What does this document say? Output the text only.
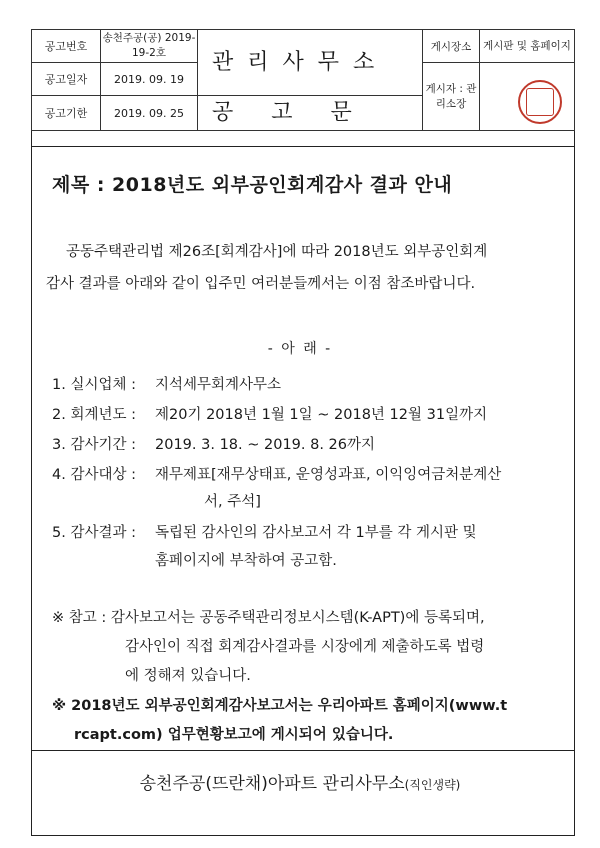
공고번호	송천주공(공) 2019-19-2호	관리사무소	게시장소	게시판 및 홈페이지
공고일자	2019. 09. 19		게시자 : 관리소장	
공고기한	2019. 09. 25	공고문		
제목 : 2018년도 외부공인회계감사 결과 안내
공동주택관리법 제26조[회계감사]에 따라 2018년도 외부공인회계
감사 결과를 아래와 같이 입주민 여러분들께서는 이점 참조바랍니다.
- 아 래 -
1. 실시업체 : 지석세무회계사무소
2. 회계년도 : 제20기 2018년 1월 1일 ~ 2018년 12월 31일까지
3. 감사기간 : 2019. 3. 18. ~ 2019. 8. 26까지
4. 감사대상 : 재무제표[재무상태표, 운영성과표, 이익잉여금처분계산
서, 주석]
5. 감사결과 : 독립된 감사인의 감사보고서 각 1부를 각 게시판 및
홈페이지에 부착하여 공고함.
※ 참고 : 감사보고서는 공동주택관리정보시스템(K-APT)에 등록되며,
감사인이 직접 회계감사결과를 시장에게 제출하도록 법령
에 정해져 있습니다.
※ 2018년도 외부공인회계감사보고서는 우리아파트 홈페이지(www.t
rcapt.com) 업무현황보고에 게시되어 있습니다.
송천주공(뜨란채)아파트 관리사무소(직인생략)
